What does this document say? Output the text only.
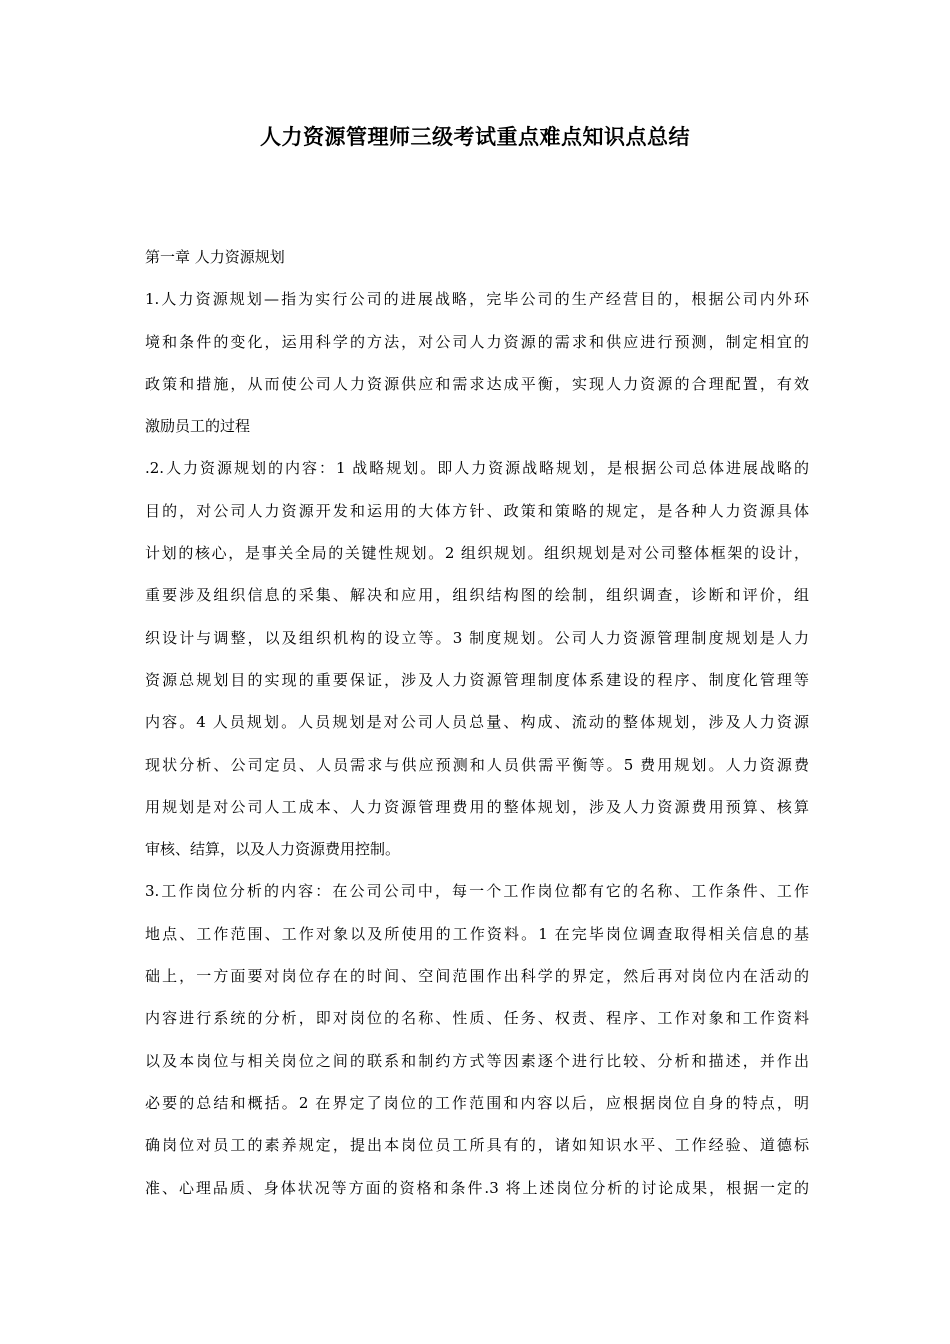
人力资源管理师三级考试重点难点知识点总结
第一章 人力资源规划
1.人力资源规划—指为实行公司的进展战略，完毕公司的生产经营目的，根据公司内外环
境和条件的变化，运用科学的方法，对公司人力资源的需求和供应进行预测，制定相宜的
政策和措施，从而使公司人力资源供应和需求达成平衡，实现人力资源的合理配置，有效
激励员工的过程
.2.人力资源规划的内容：1 战略规划。即人力资源战略规划，是根据公司总体进展战略的
目的，对公司人力资源开发和运用的大体方针、政策和策略的规定，是各种人力资源具体
计划的核心，是事关全局的关键性规划。2 组织规划。组织规划是对公司整体框架的设计，
重要涉及组织信息的采集、解决和应用，组织结构图的绘制，组织调查，诊断和评价，组
织设计与调整，以及组织机构的设立等。3 制度规划。公司人力资源管理制度规划是人力
资源总规划目的实现的重要保证，涉及人力资源管理制度体系建设的程序、制度化管理等
内容。4 人员规划。人员规划是对公司人员总量、构成、流动的整体规划，涉及人力资源
现状分析、公司定员、人员需求与供应预测和人员供需平衡等。5 费用规划。人力资源费
用规划是对公司人工成本、人力资源管理费用的整体规划，涉及人力资源费用预算、核算
审核、结算，以及人力资源费用控制。
3.工作岗位分析的内容：在公司公司中，每一个工作岗位都有它的名称、工作条件、工作
地点、工作范围、工作对象以及所使用的工作资料。1 在完毕岗位调查取得相关信息的基
础上，一方面要对岗位存在的时间、空间范围作出科学的界定，然后再对岗位内在活动的
内容进行系统的分析，即对岗位的名称、性质、任务、权责、程序、工作对象和工作资料
以及本岗位与相关岗位之间的联系和制约方式等因素逐个进行比较、分析和描述，并作出
必要的总结和概括。2 在界定了岗位的工作范围和内容以后，应根据岗位自身的特点，明
确岗位对员工的素养规定，提出本岗位员工所具有的，诸如知识水平、工作经验、道德标
准、心理品质、身体状况等方面的资格和条件.3 将上述岗位分析的讨论成果，根据一定的
